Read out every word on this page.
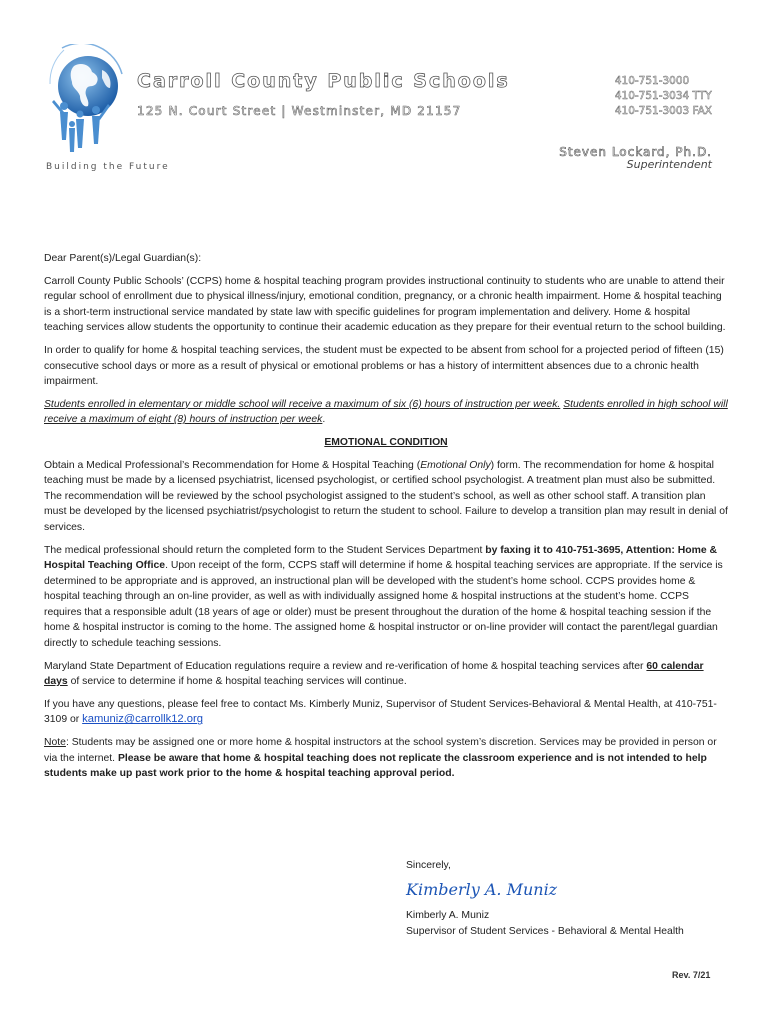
Carroll County Public Schools
125 N. Court Street | Westminster, MD 21157
Building the Future
410-751-3000
410-751-3034 TTY
410-751-3003 FAX
Steven Lockard, Ph.D.
Superintendent

Dear Parent(s)/Legal Guardian(s):

Carroll County Public Schools’ (CCPS) home & hospital teaching program provides instructional continuity to students who are unable to attend their regular school of enrollment due to physical illness/injury, emotional condition, pregnancy, or a chronic health impairment. Home & hospital teaching is a short-term instructional service mandated by state law with specific guidelines for program implementation and delivery. Home & hospital teaching services allow students the opportunity to continue their academic education as they prepare for their eventual return to the school building.

In order to qualify for home & hospital teaching services, the student must be expected to be absent from school for a projected period of fifteen (15) consecutive school days or more as a result of physical or emotional problems or has a history of intermittent absences due to a chronic health impairment.

Students enrolled in elementary or middle school will receive a maximum of six (6) hours of instruction per week. Students enrolled in high school will receive a maximum of eight (8) hours of instruction per week.

EMOTIONAL CONDITION

Obtain a Medical Professional’s Recommendation for Home & Hospital Teaching (Emotional Only) form. The recommendation for home & hospital teaching must be made by a licensed psychiatrist, licensed psychologist, or certified school psychologist. A treatment plan must also be submitted. The recommendation will be reviewed by the school psychologist assigned to the student’s school, as well as other school staff. A transition plan must be developed by the licensed psychiatrist/psychologist to return the student to school. Failure to develop a transition plan may result in denial of services.

The medical professional should return the completed form to the Student Services Department by faxing it to 410-751-3695, Attention: Home & Hospital Teaching Office. Upon receipt of the form, CCPS staff will determine if home & hospital teaching services are appropriate. If the service is determined to be appropriate and is approved, an instructional plan will be developed with the student’s home school. CCPS provides home & hospital teaching through an on-line provider, as well as with individually assigned home & hospital instructions at the student’s home. CCPS requires that a responsible adult (18 years of age or older) must be present throughout the duration of the home & hospital teaching session if the home & hospital instructor is coming to the home. The assigned home & hospital instructor or on-line provider will contact the parent/legal guardian directly to schedule teaching sessions.

Maryland State Department of Education regulations require a review and re-verification of home & hospital teaching services after 60 calendar days of service to determine if home & hospital teaching services will continue.

If you have any questions, please feel free to contact Ms. Kimberly Muniz, Supervisor of Student Services-Behavioral & Mental Health, at 410-751-3109 or kamuniz@carrollk12.org

Note: Students may be assigned one or more home & hospital instructors at the school system’s discretion. Services may be provided in person or via the internet. Please be aware that home & hospital teaching does not replicate the classroom experience and is not intended to help students make up past work prior to the home & hospital teaching approval period.

Sincerely,
Kimberly A. Muniz
Kimberly A. Muniz
Supervisor of Student Services - Behavioral & Mental Health
Rev. 7/21
